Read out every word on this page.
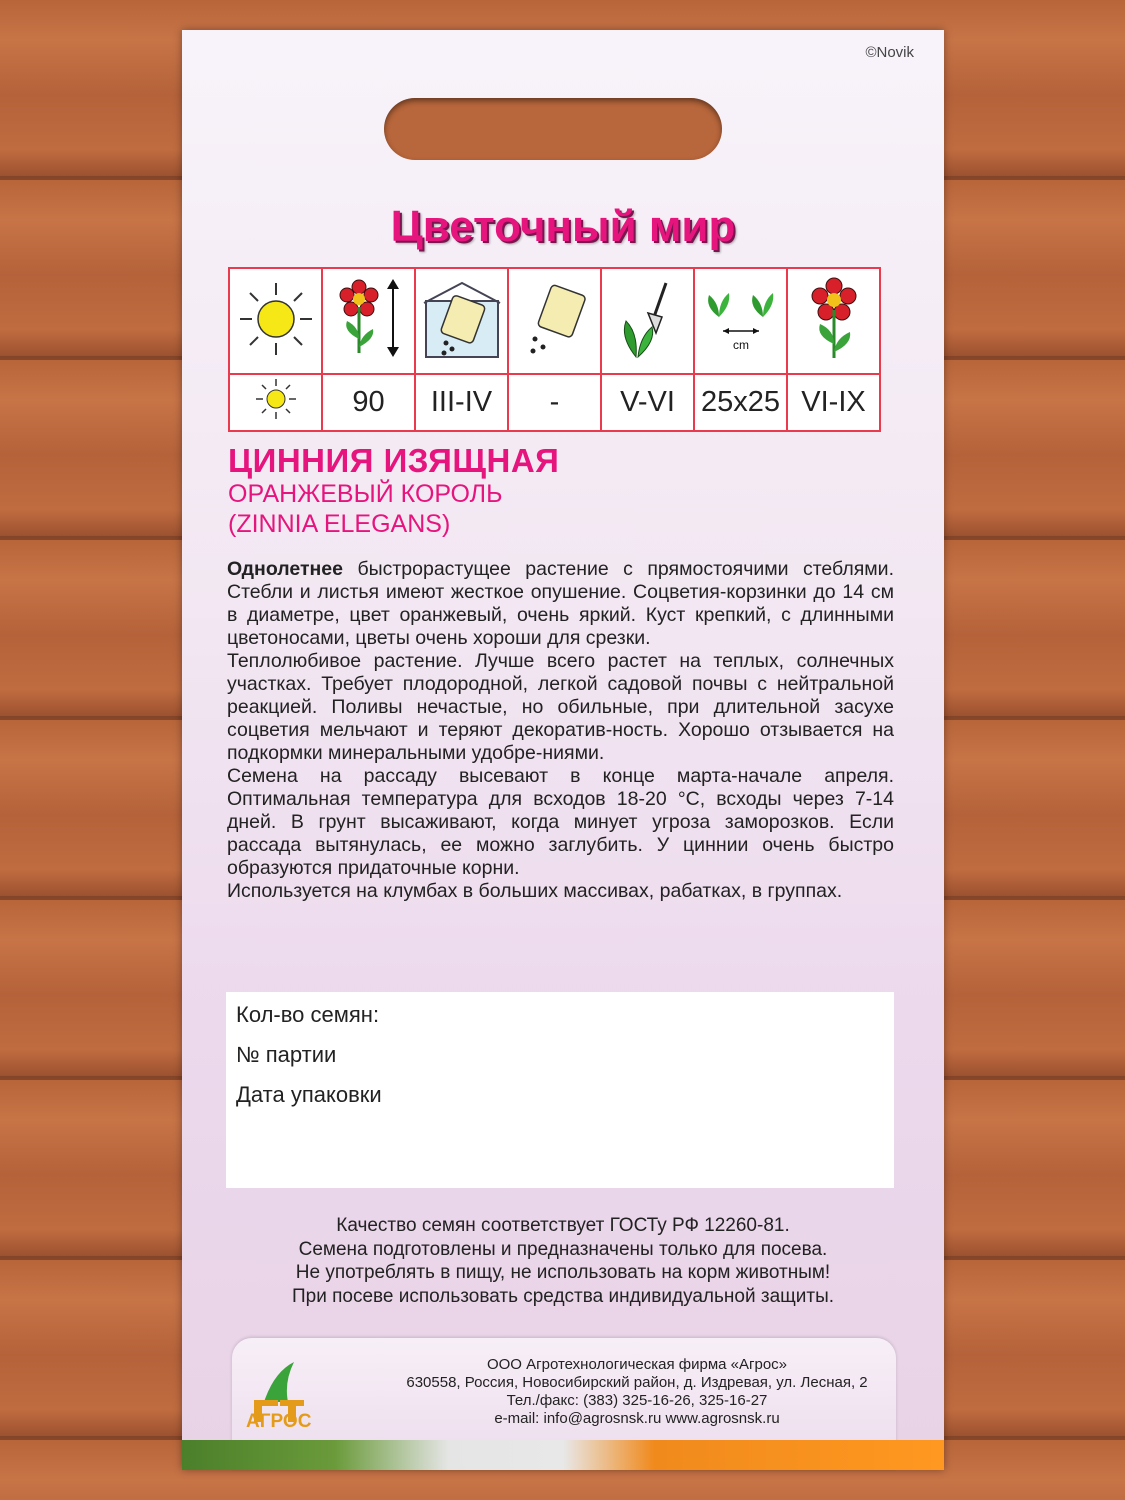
©Novik
Цветочный мир

cm

	90	III-IV	-	V-VI	25x25	VI-IX
ЦИННИЯ ИЗЯЩНАЯ
ОРАНЖЕВЫЙ КОРОЛЬ
(ZINNIA ELEGANS)

Однолетнее быстрорастущее растение с прямостоячими стеблями. Стебли и листья имеют жесткое опушение. Соцветия-корзинки до 14 см в диаметре, цвет оранжевый, очень яркий. Куст крепкий, с длинными цветоносами, цветы очень хороши для срезки.

Теплолюбивое растение. Лучше всего растет на теплых, солнечных участках. Требует плодородной, легкой садовой почвы с нейтральной реакцией. Поливы нечастые, но обильные, при длительной засухе соцветия мельчают и теряют декоратив-ность. Хорошо отзывается на подкормки минеральными удобре-ниями.

Семена на рассаду высевают в конце марта-начале апреля. Оптимальная температура для всходов 18-20 °С, всходы через 7-14 дней. В грунт высаживают, когда минует угроза заморозков. Если рассада вытянулась, ее можно заглубить. У циннии очень быстро образуются придаточные корни.

Используется на клумбах в больших массивах, рабатках, в группах.

Кол-во семян:
№ партии
Дата упаковки
Качество семян соответствует ГОСТу РФ 12260-81.
Семена подготовлены и предназначены только для посева.
Не употреблять в пищу, не использовать на корм животным!
При посеве использовать средства индивидуальной защиты.
АГРОС
ООО Агротехнологическая фирма «Агрос»
630558, Россия, Новосибирский район, д. Издревая, ул. Лесная, 2
Тел./факс: (383) 325-16-26, 325-16-27
e-mail: info@agrosnsk.ru www.agrosnsk.ru
